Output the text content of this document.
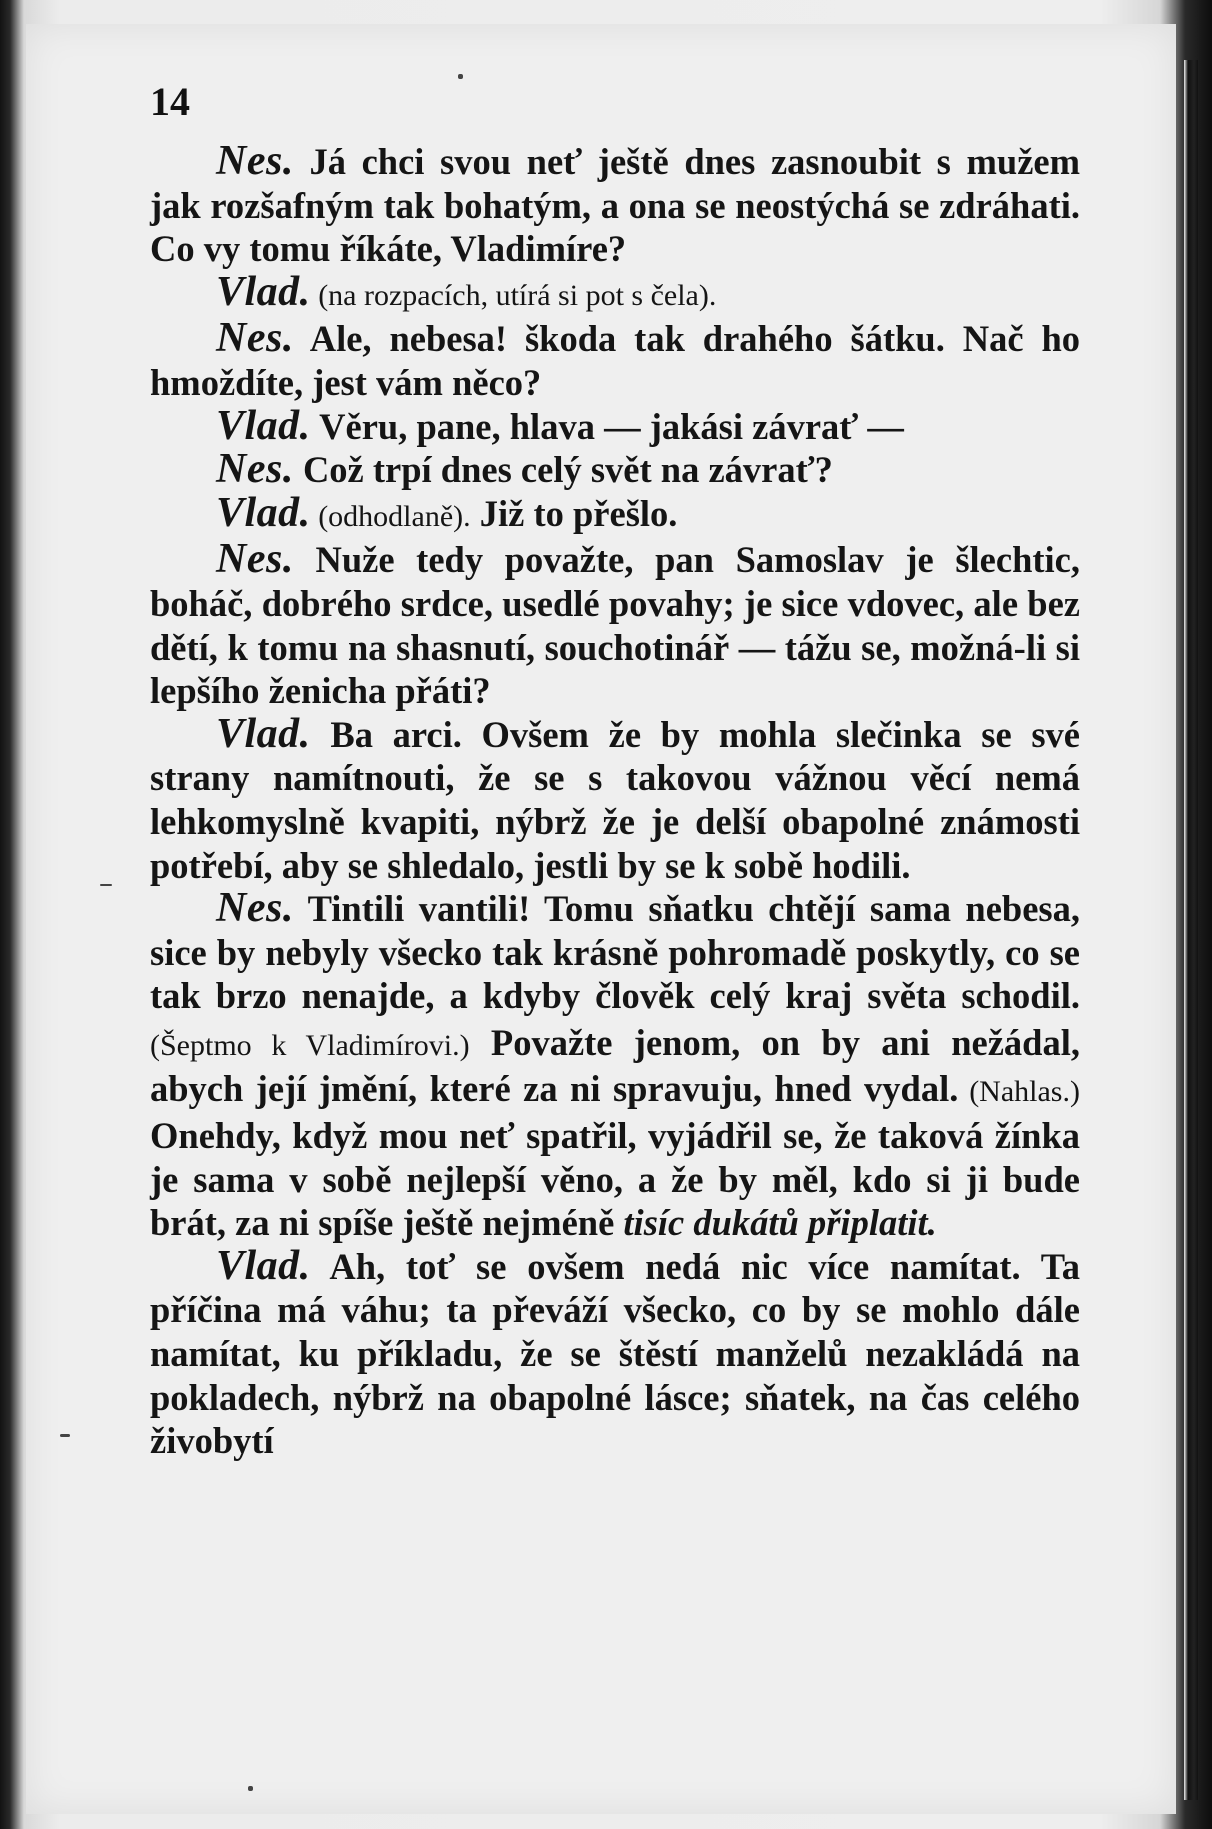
14

Nes. Já chci svou neť ještě dnes zasnoubit s mužem jak rozšafným tak bohatým, a ona se neostýchá se zdráhati. Co vy tomu říkáte, Vladimíre?

Vlad. (na rozpacích, utírá si pot s čela).

Nes. Ale, nebesa! škoda tak drahého šátku. Nač ho hmoždíte, jest vám něco?

Vlad. Věru, pane, hlava — jakási závrať —

Nes. Což trpí dnes celý svět na závrať?

Vlad. (odhodlaně). Již to přešlo.

Nes. Nuže tedy považte, pan Samoslav je šlechtic, boháč, dobrého srdce, usedlé povahy; je sice vdovec, ale bez dětí, k tomu na shasnutí, souchotinář — tážu se, možná-li si lepšího ženicha přáti?

Vlad. Ba arci. Ovšem že by mohla slečinka se své strany namítnouti, že se s takovou vážnou věcí nemá lehkomyslně kvapiti, nýbrž že je delší obapolné známosti potřebí, aby se shledalo, jestli by se k sobě hodili.

Nes. Tintili vantili! Tomu sňatku chtějí sama nebesa, sice by nebyly všecko tak krásně pohromadě poskytly, co se tak brzo nenajde, a kdyby člověk celý kraj světa schodil. (Šeptmo k Vladimírovi.) Považte jenom, on by ani nežádal, abych její jmění, které za ni spravuju, hned vydal. (Nahlas.) Onehdy, když mou neť spatřil, vyjádřil se, že taková žínka je sama v sobě nejlepší věno, a že by měl, kdo si ji bude brát, za ni spíše ještě nejméně tisíc dukátů připlatit.

Vlad. Ah, toť se ovšem nedá nic více namítat. Ta příčina má váhu; ta převáží všecko, co by se mohlo dále namítat, ku příkladu, že se štěstí manželů nezakládá na pokladech, nýbrž na obapolné lásce; sňatek, na čas celého živobytí
